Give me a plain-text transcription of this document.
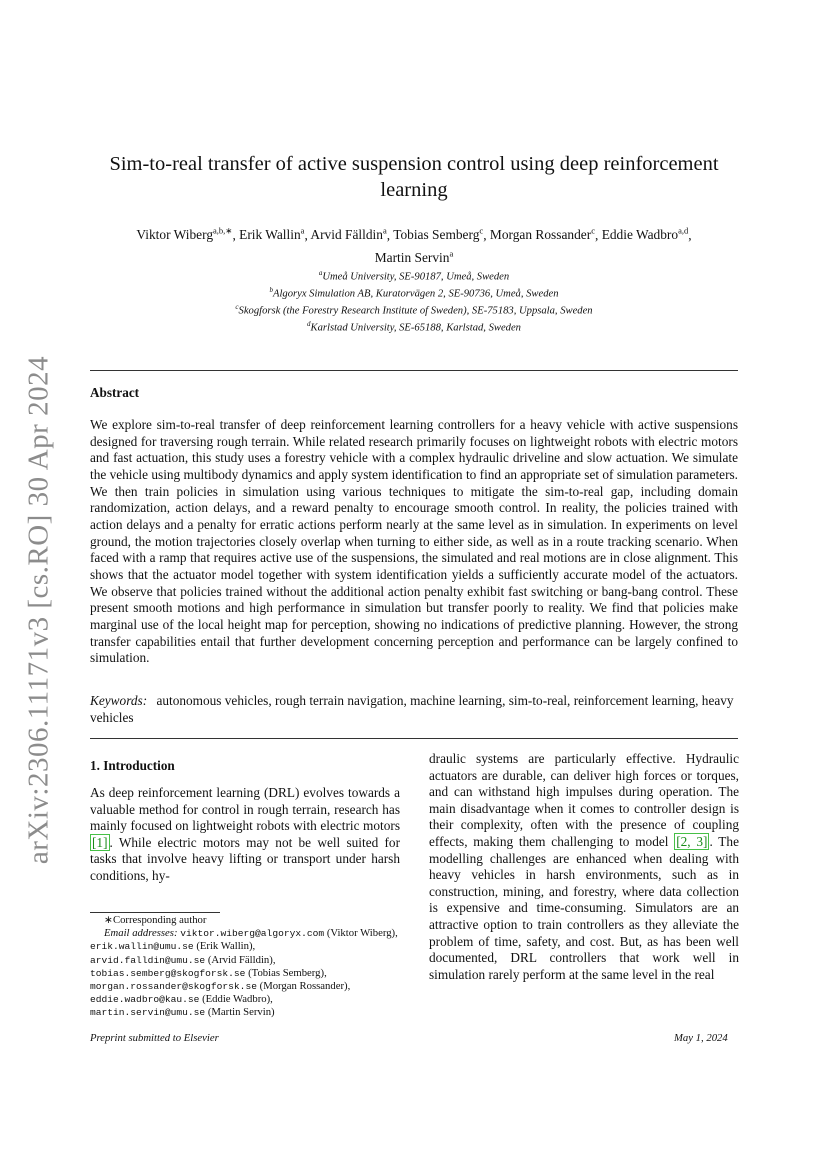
arXiv:2306.11171v3 [cs.RO] 30 Apr 2024
Sim-to-real transfer of active suspension control using deep reinforcement learning
Viktor Wiberg$^{a,b,∗}$, Erik Wallin$^a$, Arvid Fälldin$^a$, Tobias Semberg$^c$, Morgan Rossander$^c$, Eddie Wadbro$^{a,d}$,
Martin Servin$^a$
$^a$Umeå University, SE-90187, Umeå, Sweden
$^b$Algoryx Simulation AB, Kuratorvägen 2, SE-90736, Umeå, Sweden
$^c$Skogforsk (the Forestry Research Institute of Sweden), SE-75183, Uppsala, Sweden
$^d$Karlstad University, SE-65188, Karlstad, Sweden
Abstract
We explore sim-to-real transfer of deep reinforcement learning controllers for a heavy vehicle with active suspensions designed for traversing rough terrain. While related research primarily focuses on lightweight robots with electric motors and fast actuation, this study uses a forestry vehicle with a complex hydraulic driveline and slow actuation. We simulate the vehicle using multibody dynamics and apply system identification to find an appropriate set of simulation parameters. We then train policies in simulation using various techniques to mitigate the sim-to-real gap, including domain randomization, action delays, and a reward penalty to encourage smooth control. In reality, the policies trained with action delays and a penalty for erratic actions perform nearly at the same level as in simulation. In experiments on level ground, the motion trajectories closely overlap when turning to either side, as well as in a route tracking scenario. When faced with a ramp that requires active use of the suspensions, the simulated and real motions are in close alignment. This shows that the actuator model together with system identification yields a sufficiently accurate model of the actuators. We observe that policies trained without the additional action penalty exhibit fast switching or bang-bang control. These present smooth motions and high performance in simulation but transfer poorly to reality. We find that policies make marginal use of the local height map for perception, showing no indications of predictive planning. However, the strong transfer capabilities entail that further development concerning perception and performance can be largely confined to simulation.
Keywords: autonomous vehicles, rough terrain navigation, machine learning, sim-to-real, reinforcement learning, heavy vehicles
1. Introduction
As deep reinforcement learning (DRL) evolves towards a valuable method for control in rough terrain, research has mainly focused on lightweight robots with electric motors [1] . While electric motors may not be well suited for tasks that involve heavy lifting or transport under harsh conditions, hy-
draulic systems are particularly effective. Hydraulic actuators are durable, can deliver high forces or torques, and can withstand high impulses during operation. The main disadvantage when it comes to controller design is their complexity, often with the presence of coupling effects, making them challenging to model [2, 3] . The modelling challenges are enhanced when dealing with heavy vehicles in harsh environments, such as in construction, mining, and forestry, where data collection is expensive and time-consuming. Simulators are an attractive option to train controllers as they alleviate the problem of time, safety, and cost. But, as has been well documented, DRL controllers that work well in simulation rarely perform at the same level in the real
∗Corresponding author
Email addresses: viktor.wiberg@algoryx.com (Viktor Wiberg),
erik.wallin@umu.se (Erik Wallin),
arvid.falldin@umu.se (Arvid Fälldin),
tobias.semberg@skogforsk.se (Tobias Semberg),
morgan.rossander@skogforsk.se (Morgan Rossander),
eddie.wadbro@kau.se (Eddie Wadbro),
martin.servin@umu.se (Martin Servin)
Preprint submitted to Elsevier	May 1, 2024
